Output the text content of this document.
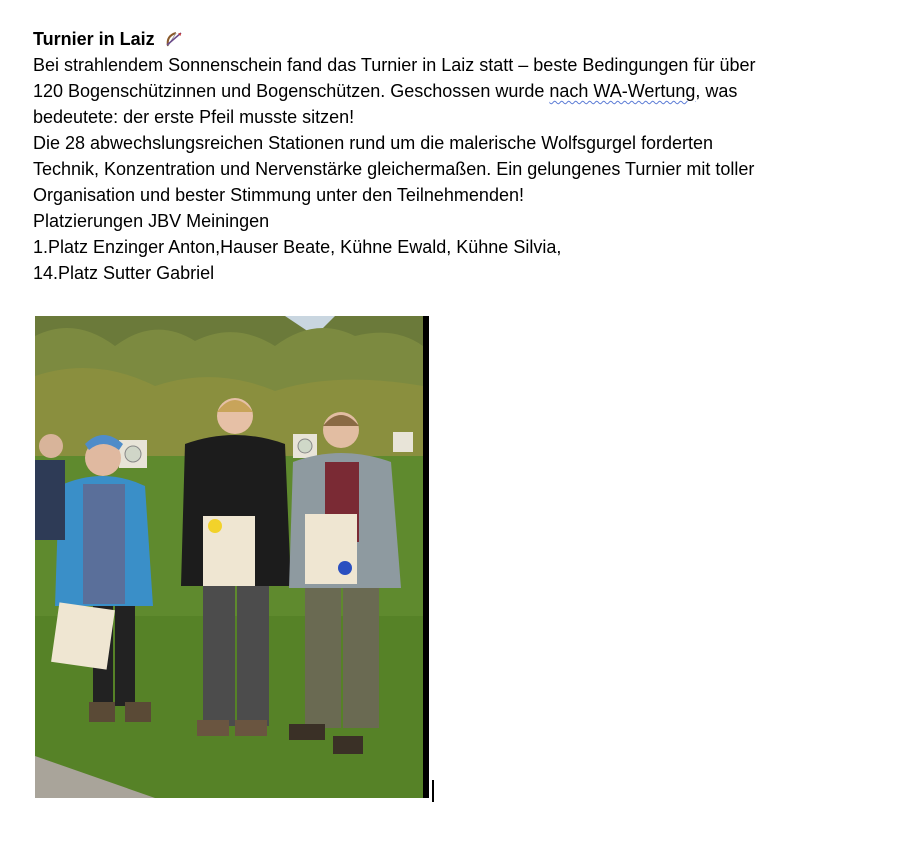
Turnier in Laiz
Bei strahlendem Sonnenschein fand das Turnier in Laiz statt – beste Bedingungen für über
120 Bogenschützinnen und Bogenschützen. Geschossen wurde nach WA-Wertung, was
bedeutete: der erste Pfeil musste sitzen!
Die 28 abwechslungsreichen Stationen rund um die malerische Wolfsgurgel forderten
Technik, Konzentration und Nervenstärke gleichermaßen. Ein gelungenes Turnier mit toller
Organisation und bester Stimmung unter den Teilnehmenden!
Platzierungen JBV Meiningen
1.Platz Enzinger Anton,Hauser Beate, Kühne Ewald, Kühne Silvia,
14.Platz Sutter Gabriel
